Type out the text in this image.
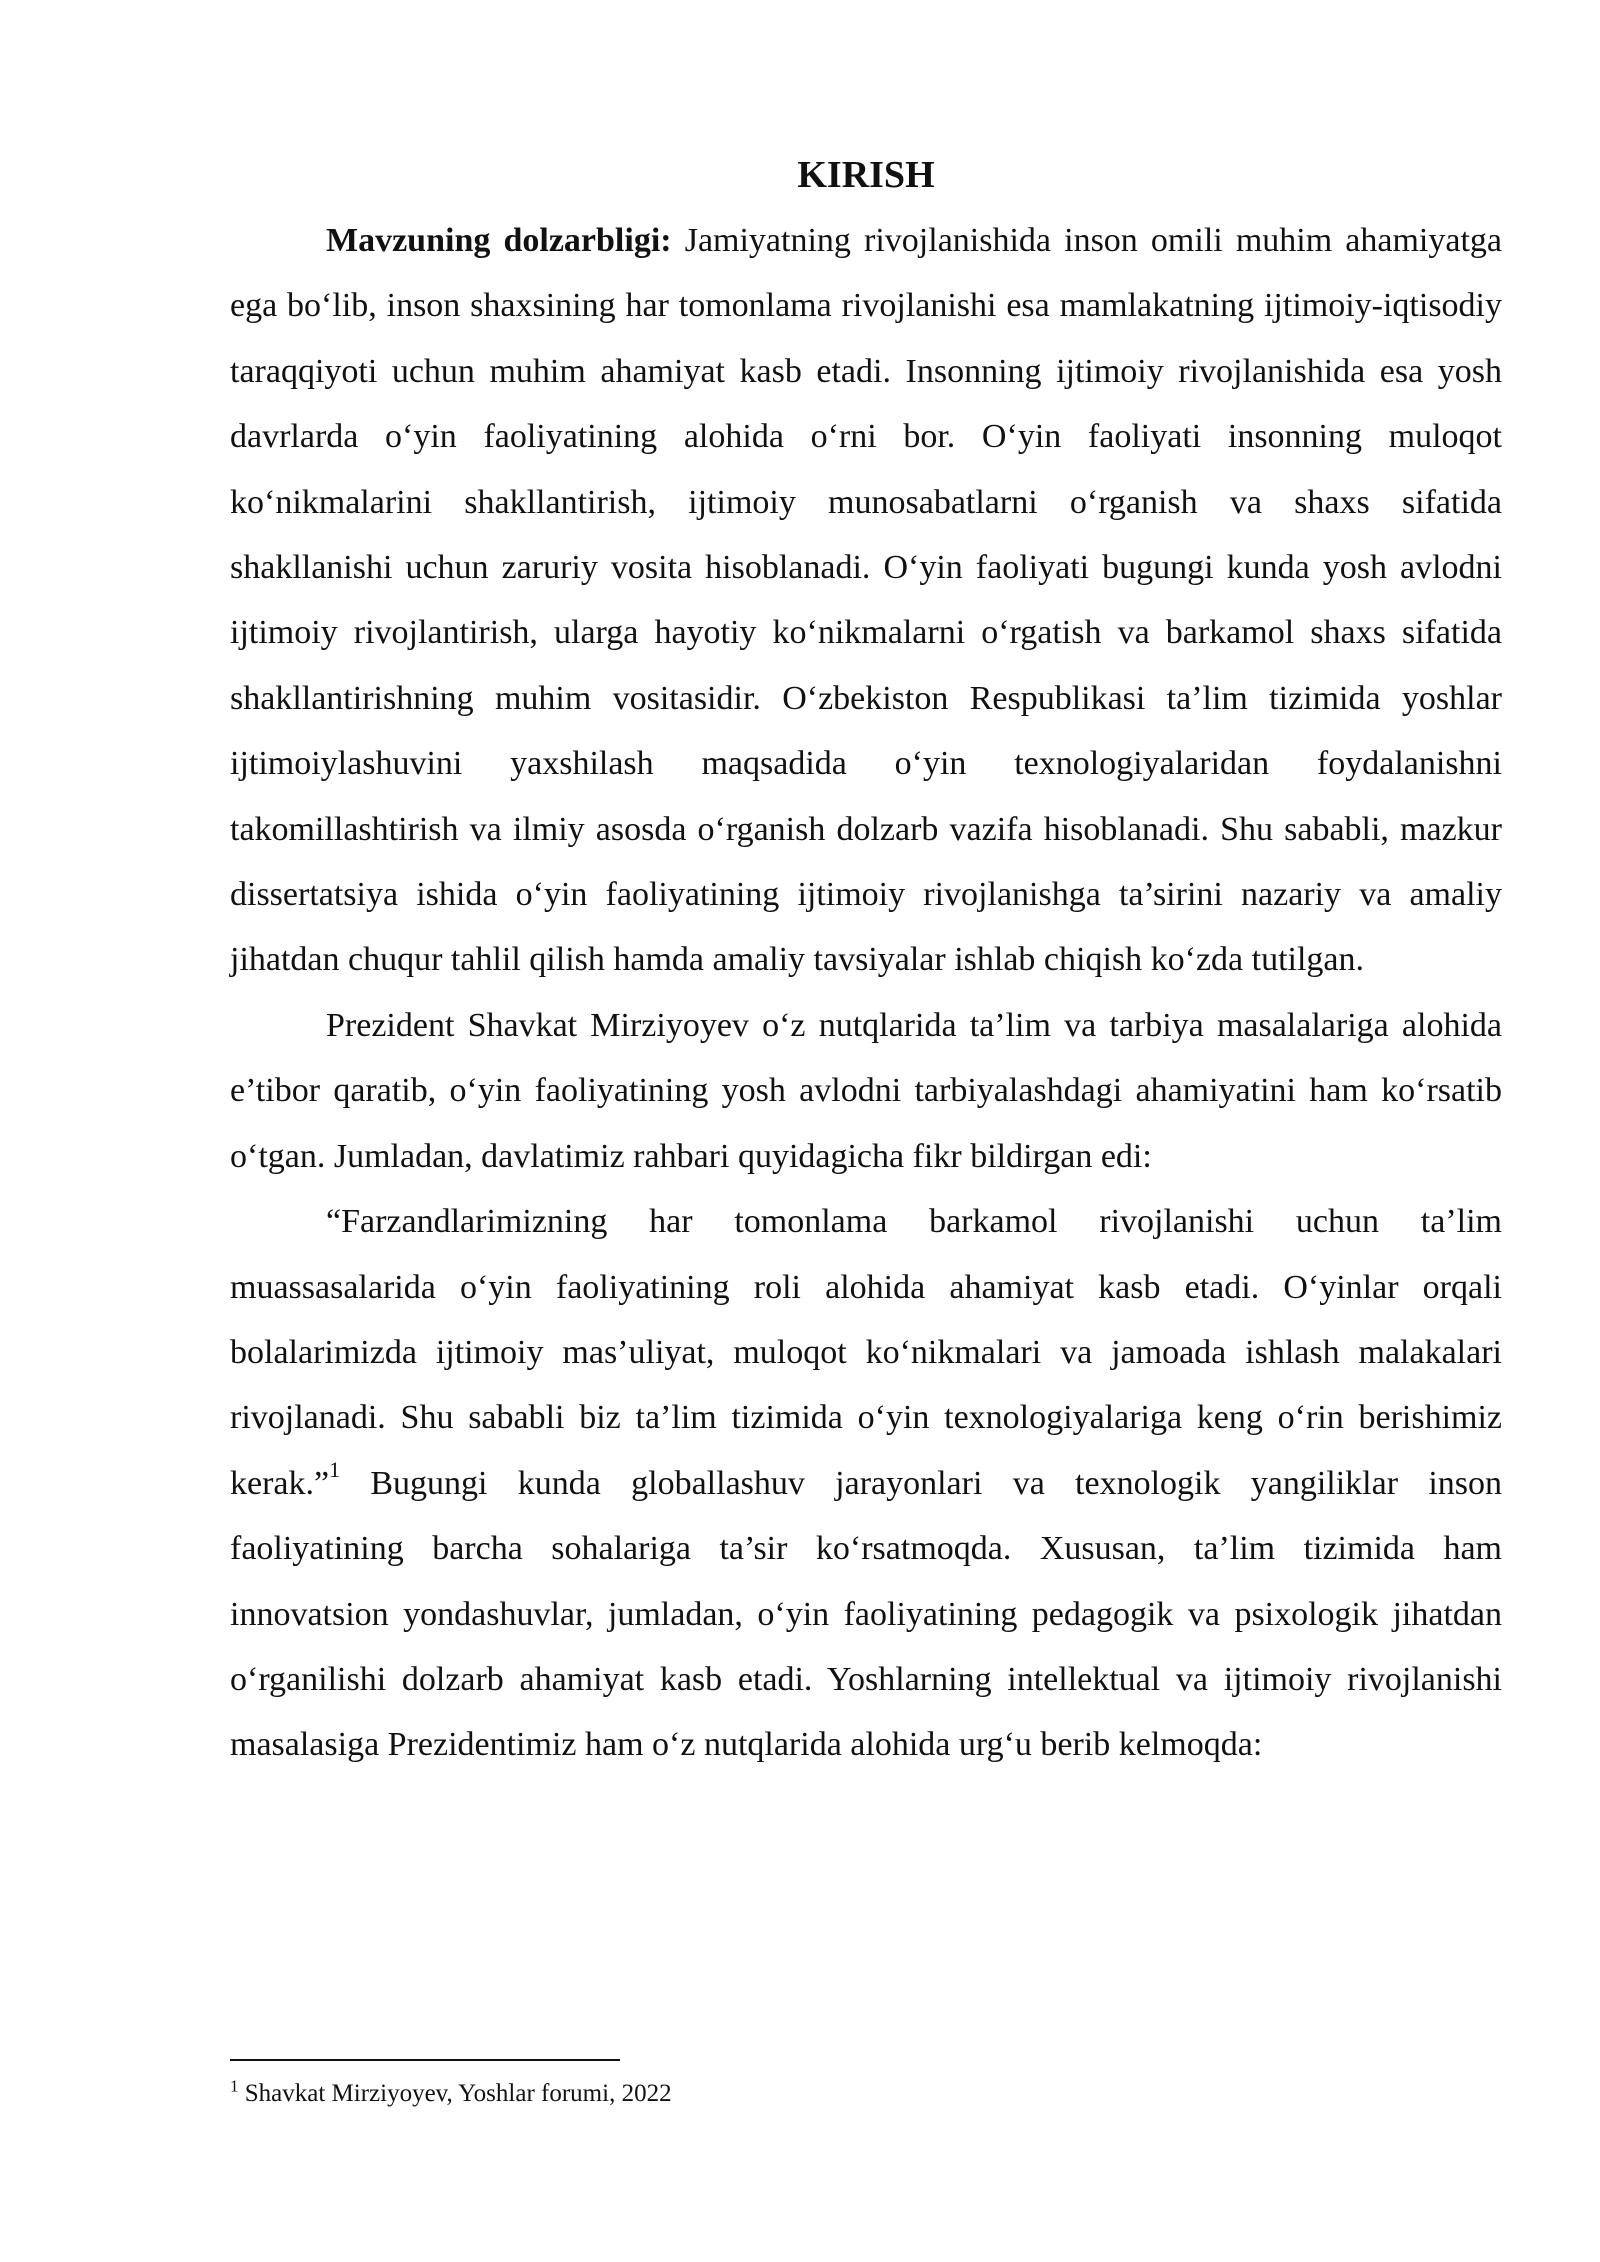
KIRISH

Mavzuning dolzarbligi: Jamiyatning rivojlanishida inson omili muhim ahamiyatga ega bo‘lib, inson shaxsining har tomonlama rivojlanishi esa mamlakatning ijtimoiy-iqtisodiy taraqqiyoti uchun muhim ahamiyat kasb etadi. Insonning ijtimoiy rivojlanishida esa yosh davrlarda o‘yin faoliyatining alohida o‘rni bor. O‘yin faoliyati insonning muloqot ko‘nikmalarini shakllantirish, ijtimoiy munosabatlarni o‘rganish va shaxs sifatida shakllanishi uchun zaruriy vosita hisoblanadi. O‘yin faoliyati bugungi kunda yosh avlodni ijtimoiy rivojlantirish, ularga hayotiy ko‘nikmalarni o‘rgatish va barkamol shaxs sifatida shakllantirishning muhim vositasidir. O‘zbekiston Respublikasi ta’lim tizimida yoshlar ijtimoiylashuvini yaxshilash maqsadida o‘yin texnologiyalaridan foydalanishni takomillashtirish va ilmiy asosda o‘rganish dolzarb vazifa hisoblanadi. Shu sababli, mazkur dissertatsiya ishida o‘yin faoliyatining ijtimoiy rivojlanishga ta’sirini nazariy va amaliy jihatdan chuqur tahlil qilish hamda amaliy tavsiyalar ishlab chiqish ko‘zda tutilgan.

Prezident Shavkat Mirziyoyev o‘z nutqlarida ta’lim va tarbiya masalalariga alohida e’tibor qaratib, o‘yin faoliyatining yosh avlodni tarbiyalashdagi ahamiyatini ham ko‘rsatib o‘tgan. Jumladan, davlatimiz rahbari quyidagicha fikr bildirgan edi:

“Farzandlarimizning har tomonlama barkamol rivojlanishi uchun ta’lim muassasalarida o‘yin faoliyatining roli alohida ahamiyat kasb etadi. O‘yinlar orqali bolalarimizda ijtimoiy mas’uliyat, muloqot ko‘nikmalari va jamoada ishlash malakalari rivojlanadi. Shu sababli biz ta’lim tizimida o‘yin texnologiyalariga keng o‘rin berishimiz kerak.”$^1$ Bugungi kunda globallashuv jarayonlari va texnologik yangiliklar inson faoliyatining barcha sohalariga ta’sir ko‘rsatmoqda. Xususan, ta’lim tizimida ham innovatsion yondashuvlar, jumladan, o‘yin faoliyatining pedagogik va psixologik jihatdan o‘rganilishi dolzarb ahamiyat kasb etadi. Yoshlarning intellektual va ijtimoiy rivojlanishi masalasiga Prezidentimiz ham o‘z nutqlarida alohida urg‘u berib kelmoqda:

$^1$ Shavkat Mirziyoyev, Yoshlar forumi, 2022
